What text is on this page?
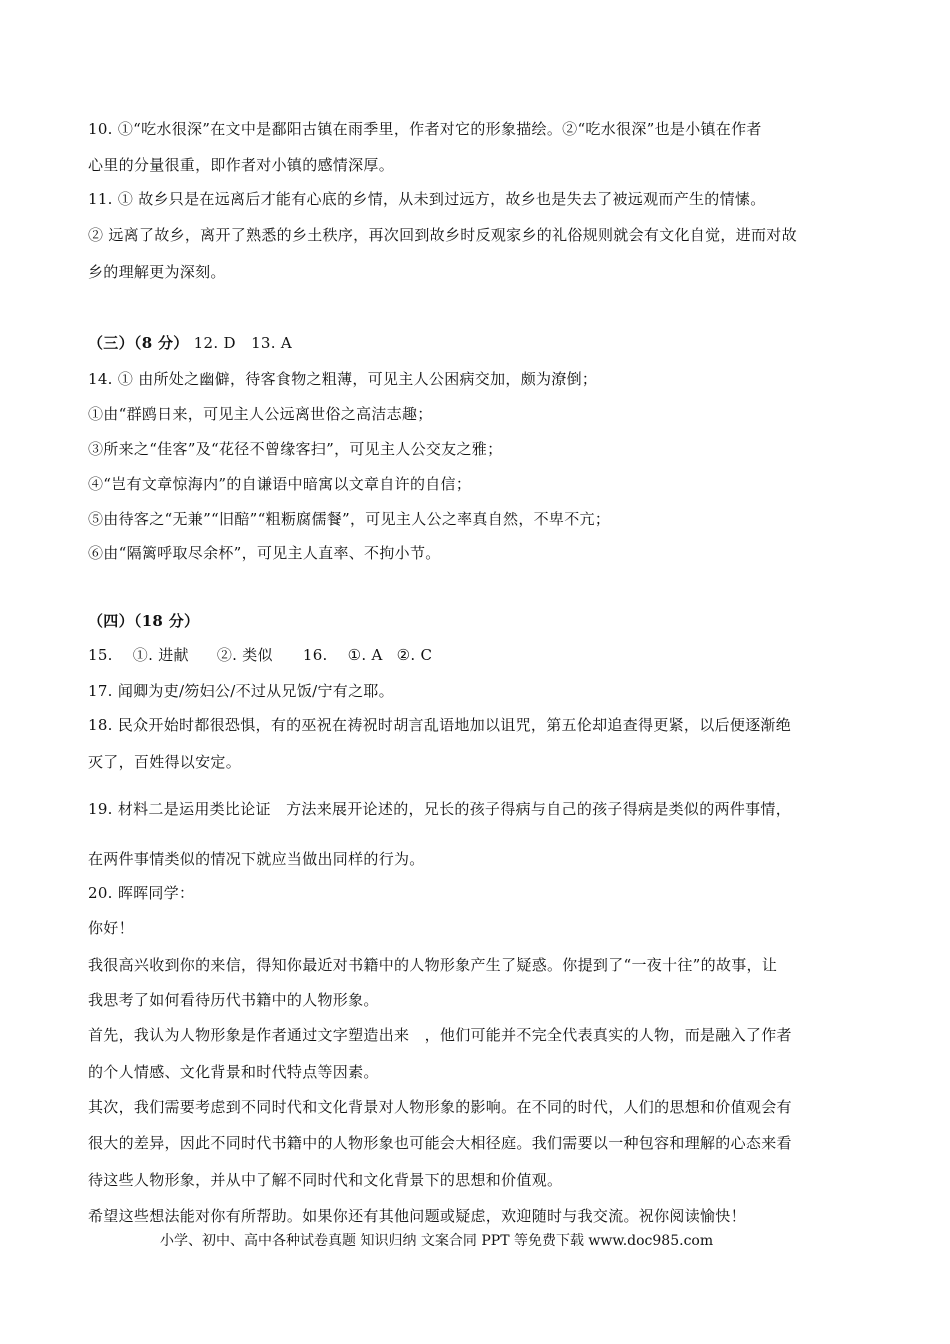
10. ①“吃水很深”在文中是鄱阳古镇在雨季里，作者对它的形象描绘。②“吃水很深”也是小镇在作者
心里的分量很重，即作者对小镇的感情深厚。
11. ① 故乡只是在远离后才能有心底的乡情，从未到过远方，故乡也是失去了被远观而产生的情愫。
② 远离了故乡，离开了熟悉的乡土秩序，再次回到故乡时反观家乡的礼俗规则就会有文化自觉，进而对故
乡的理解更为深刻。
（三）（8 分） 12. D　13. A
14. ① 由所处之幽僻，待客食物之粗薄，可见主人公困病交加，颇为潦倒；
①由“群鸥日来，可见主人公远离世俗之高洁志趣；
③所来之“佳客”及“花径不曾缘客扫”，可见主人公交友之雅；
④“岂有文章惊海内”的自谦语中暗寓以文章自许的自信；
⑤由待客之“无兼”“旧醅”“粗粝腐儒餐”，可见主人公之率真自然，不卑不亢；
⑥由“隔篱呼取尽余杯”，可见主人直率、不拘小节。
（四）（18 分）
15. ①. 进献 ②. 类似 16. ①. A ②. C
17. 闻卿为吏/笏妇公/不过从兄饭/宁有之耶。
18. 民众开始时都很恐惧，有的巫祝在祷祝时胡言乱语地加以诅咒，第五伦却追查得更紧，以后便逐渐绝
灭了，百姓得以安定。
19. 材料二是运用类比论证　方法来展开论述的，兄长的孩子得病与自己的孩子得病是类似的两件事情，
在两件事情类似的情况下就应当做出同样的行为。
20. 晖晖同学：
你好！
我很高兴收到你的来信，得知你最近对书籍中的人物形象产生了疑惑。你提到了“一夜十往”的故事，让
我思考了如何看待历代书籍中的人物形象。
首先，我认为人物形象是作者通过文字塑造出来　，他们可能并不完全代表真实的人物，而是融入了作者
的个人情感、文化背景和时代特点等因素。
其次，我们需要考虑到不同时代和文化背景对人物形象的影响。在不同的时代，人们的思想和价值观会有
很大的差异，因此不同时代书籍中的人物形象也可能会大相径庭。我们需要以一种包容和理解的心态来看
待这些人物形象，并从中了解不同时代和文化背景下的思想和价值观。
希望这些想法能对你有所帮助。如果你还有其他问题或疑虑，欢迎随时与我交流。祝你阅读愉快！
小学、初中、高中各种试卷真题 知识归纳 文案合同 PPT 等免费下载 www.doc985.com
